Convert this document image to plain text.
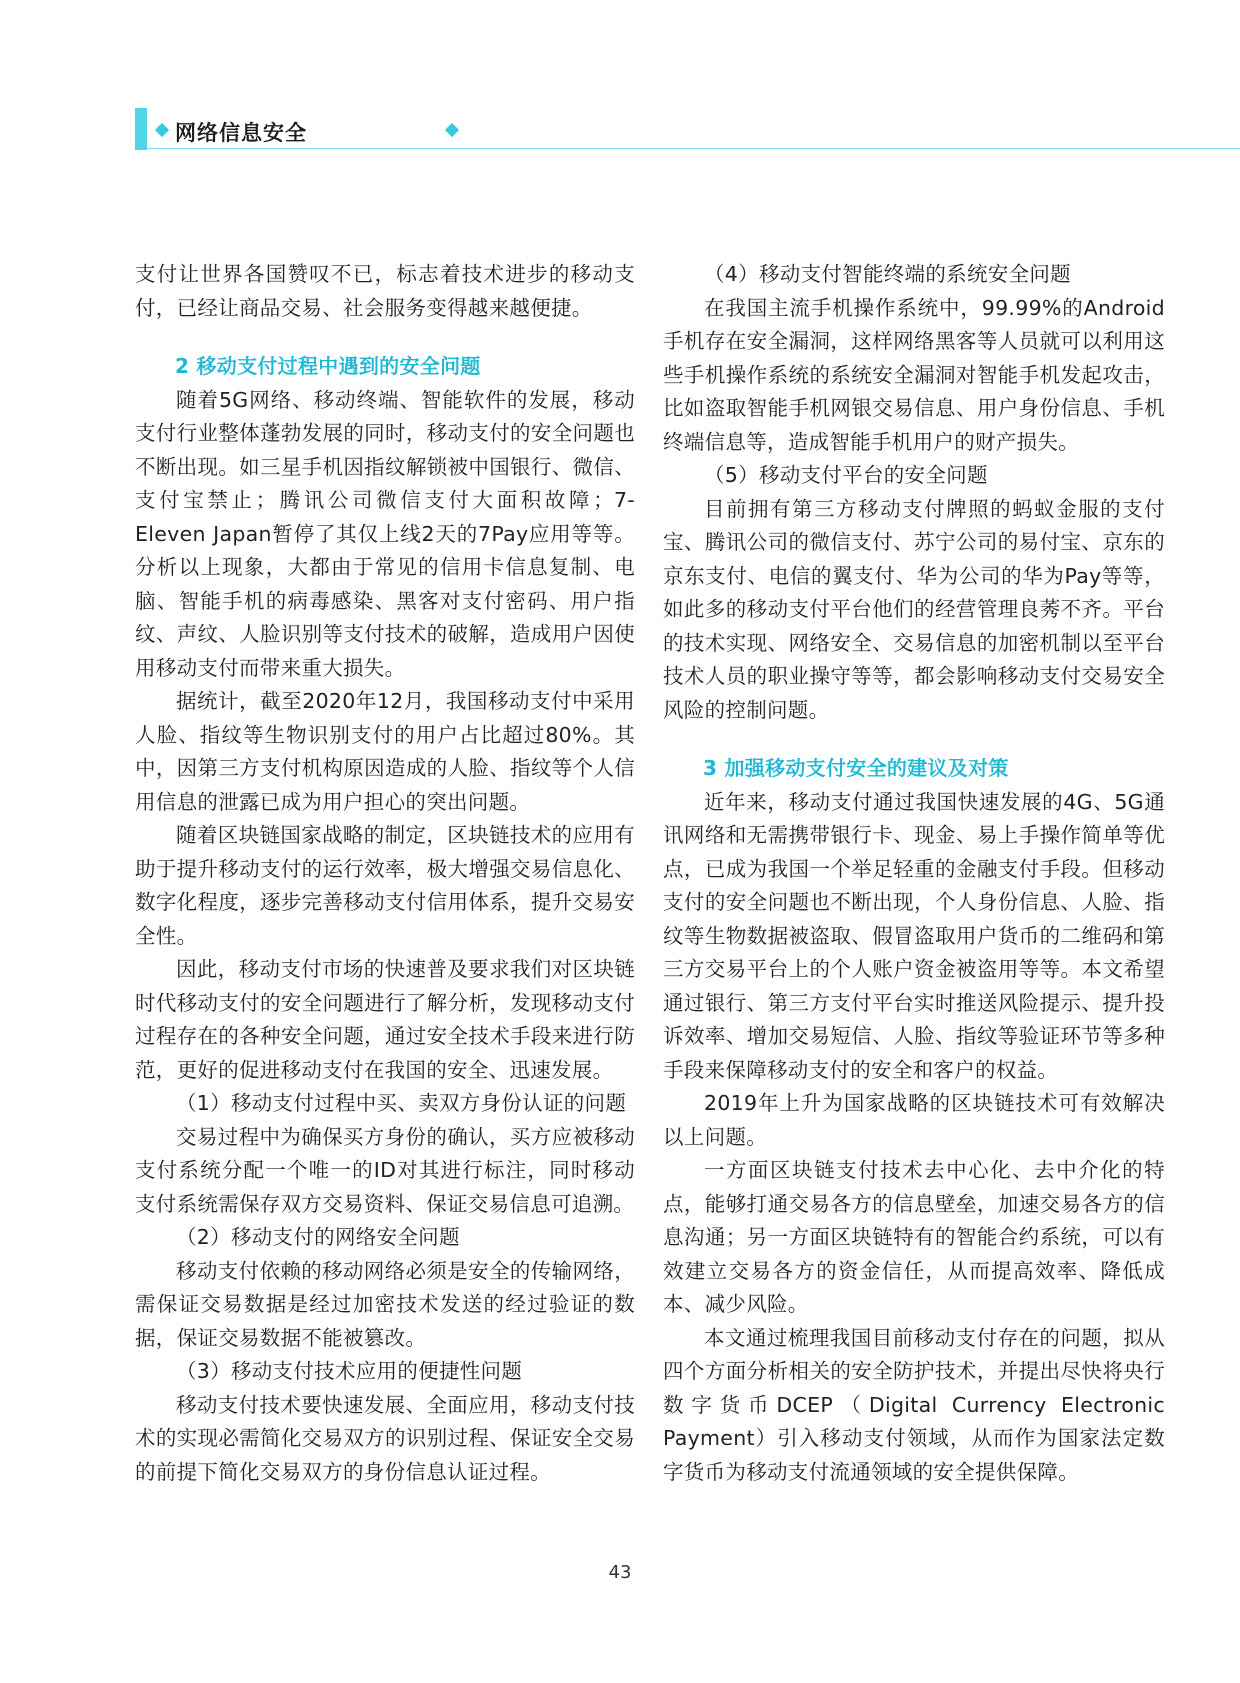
网络信息安全

支付让世界各国赞叹不已，标志着技术进步的移动支付，已经让商品交易、社会服务变得越来越便捷。

2 移动支付过程中遇到的安全问题

随着5G网络、移动终端、智能软件的发展，移动支付行业整体蓬勃发展的同时，移动支付的安全问题也不断出现。如三星手机因指纹解锁被中国银行、微信、支付宝禁止；腾讯公司微信支付大面积故障；7-Eleven Japan暂停了其仅上线2天的7Pay应用等等。分析以上现象，大都由于常见的信用卡信息复制、电脑、智能手机的病毒感染、黑客对支付密码、用户指纹、声纹、人脸识别等支付技术的破解，造成用户因使用移动支付而带来重大损失。

据统计，截至2020年12月，我国移动支付中采用人脸、指纹等生物识别支付的用户占比超过80%。其中，因第三方支付机构原因造成的人脸、指纹等个人信用信息的泄露已成为用户担心的突出问题。

随着区块链国家战略的制定，区块链技术的应用有助于提升移动支付的运行效率，极大增强交易信息化、数字化程度，逐步完善移动支付信用体系，提升交易安全性。

因此，移动支付市场的快速普及要求我们对区块链时代移动支付的安全问题进行了解分析，发现移动支付过程存在的各种安全问题，通过安全技术手段来进行防范，更好的促进移动支付在我国的安全、迅速发展。

（1）移动支付过程中买、卖双方身份认证的问题

交易过程中为确保买方身份的确认，买方应被移动支付系统分配一个唯一的ID对其进行标注，同时移动支付系统需保存双方交易资料、保证交易信息可追溯。

（2）移动支付的网络安全问题

移动支付依赖的移动网络必须是安全的传输网络，需保证交易数据是经过加密技术发送的经过验证的数据，保证交易数据不能被篡改。

（3）移动支付技术应用的便捷性问题

移动支付技术要快速发展、全面应用，移动支付技术的实现必需简化交易双方的识别过程、保证安全交易的前提下简化交易双方的身份信息认证过程。

（4）移动支付智能终端的系统安全问题

在我国主流手机操作系统中，99.99%的Android手机存在安全漏洞，这样网络黑客等人员就可以利用这些手机操作系统的系统安全漏洞对智能手机发起攻击，比如盗取智能手机网银交易信息、用户身份信息、手机终端信息等，造成智能手机用户的财产损失。

（5）移动支付平台的安全问题

目前拥有第三方移动支付牌照的蚂蚁金服的支付宝、腾讯公司的微信支付、苏宁公司的易付宝、京东的京东支付、电信的翼支付、华为公司的华为Pay等等，如此多的移动支付平台他们的经营管理良莠不齐。平台的技术实现、网络安全、交易信息的加密机制以至平台技术人员的职业操守等等，都会影响移动支付交易安全风险的控制问题。

3 加强移动支付安全的建议及对策

近年来，移动支付通过我国快速发展的4G、5G通讯网络和无需携带银行卡、现金、易上手操作简单等优点，已成为我国一个举足轻重的金融支付手段。但移动支付的安全问题也不断出现，个人身份信息、人脸、指纹等生物数据被盗取、假冒盗取用户货币的二维码和第三方交易平台上的个人账户资金被盗用等等。本文希望通过银行、第三方支付平台实时推送风险提示、提升投诉效率、增加交易短信、人脸、指纹等验证环节等多种手段来保障移动支付的安全和客户的权益。

2019年上升为国家战略的区块链技术可有效解决以上问题。

一方面区块链支付技术去中心化、去中介化的特点，能够打通交易各方的信息壁垒，加速交易各方的信息沟通；另一方面区块链特有的智能合约系统，可以有效建立交易各方的资金信任，从而提高效率、降低成本、减少风险。

本文通过梳理我国目前移动支付存在的问题，拟从四个方面分析相关的安全防护技术，并提出尽快将央行数字货币DCEP（Digital Currency Electronic Payment）引入移动支付领域，从而作为国家法定数字货币为移动支付流通领域的安全提供保障。

43
